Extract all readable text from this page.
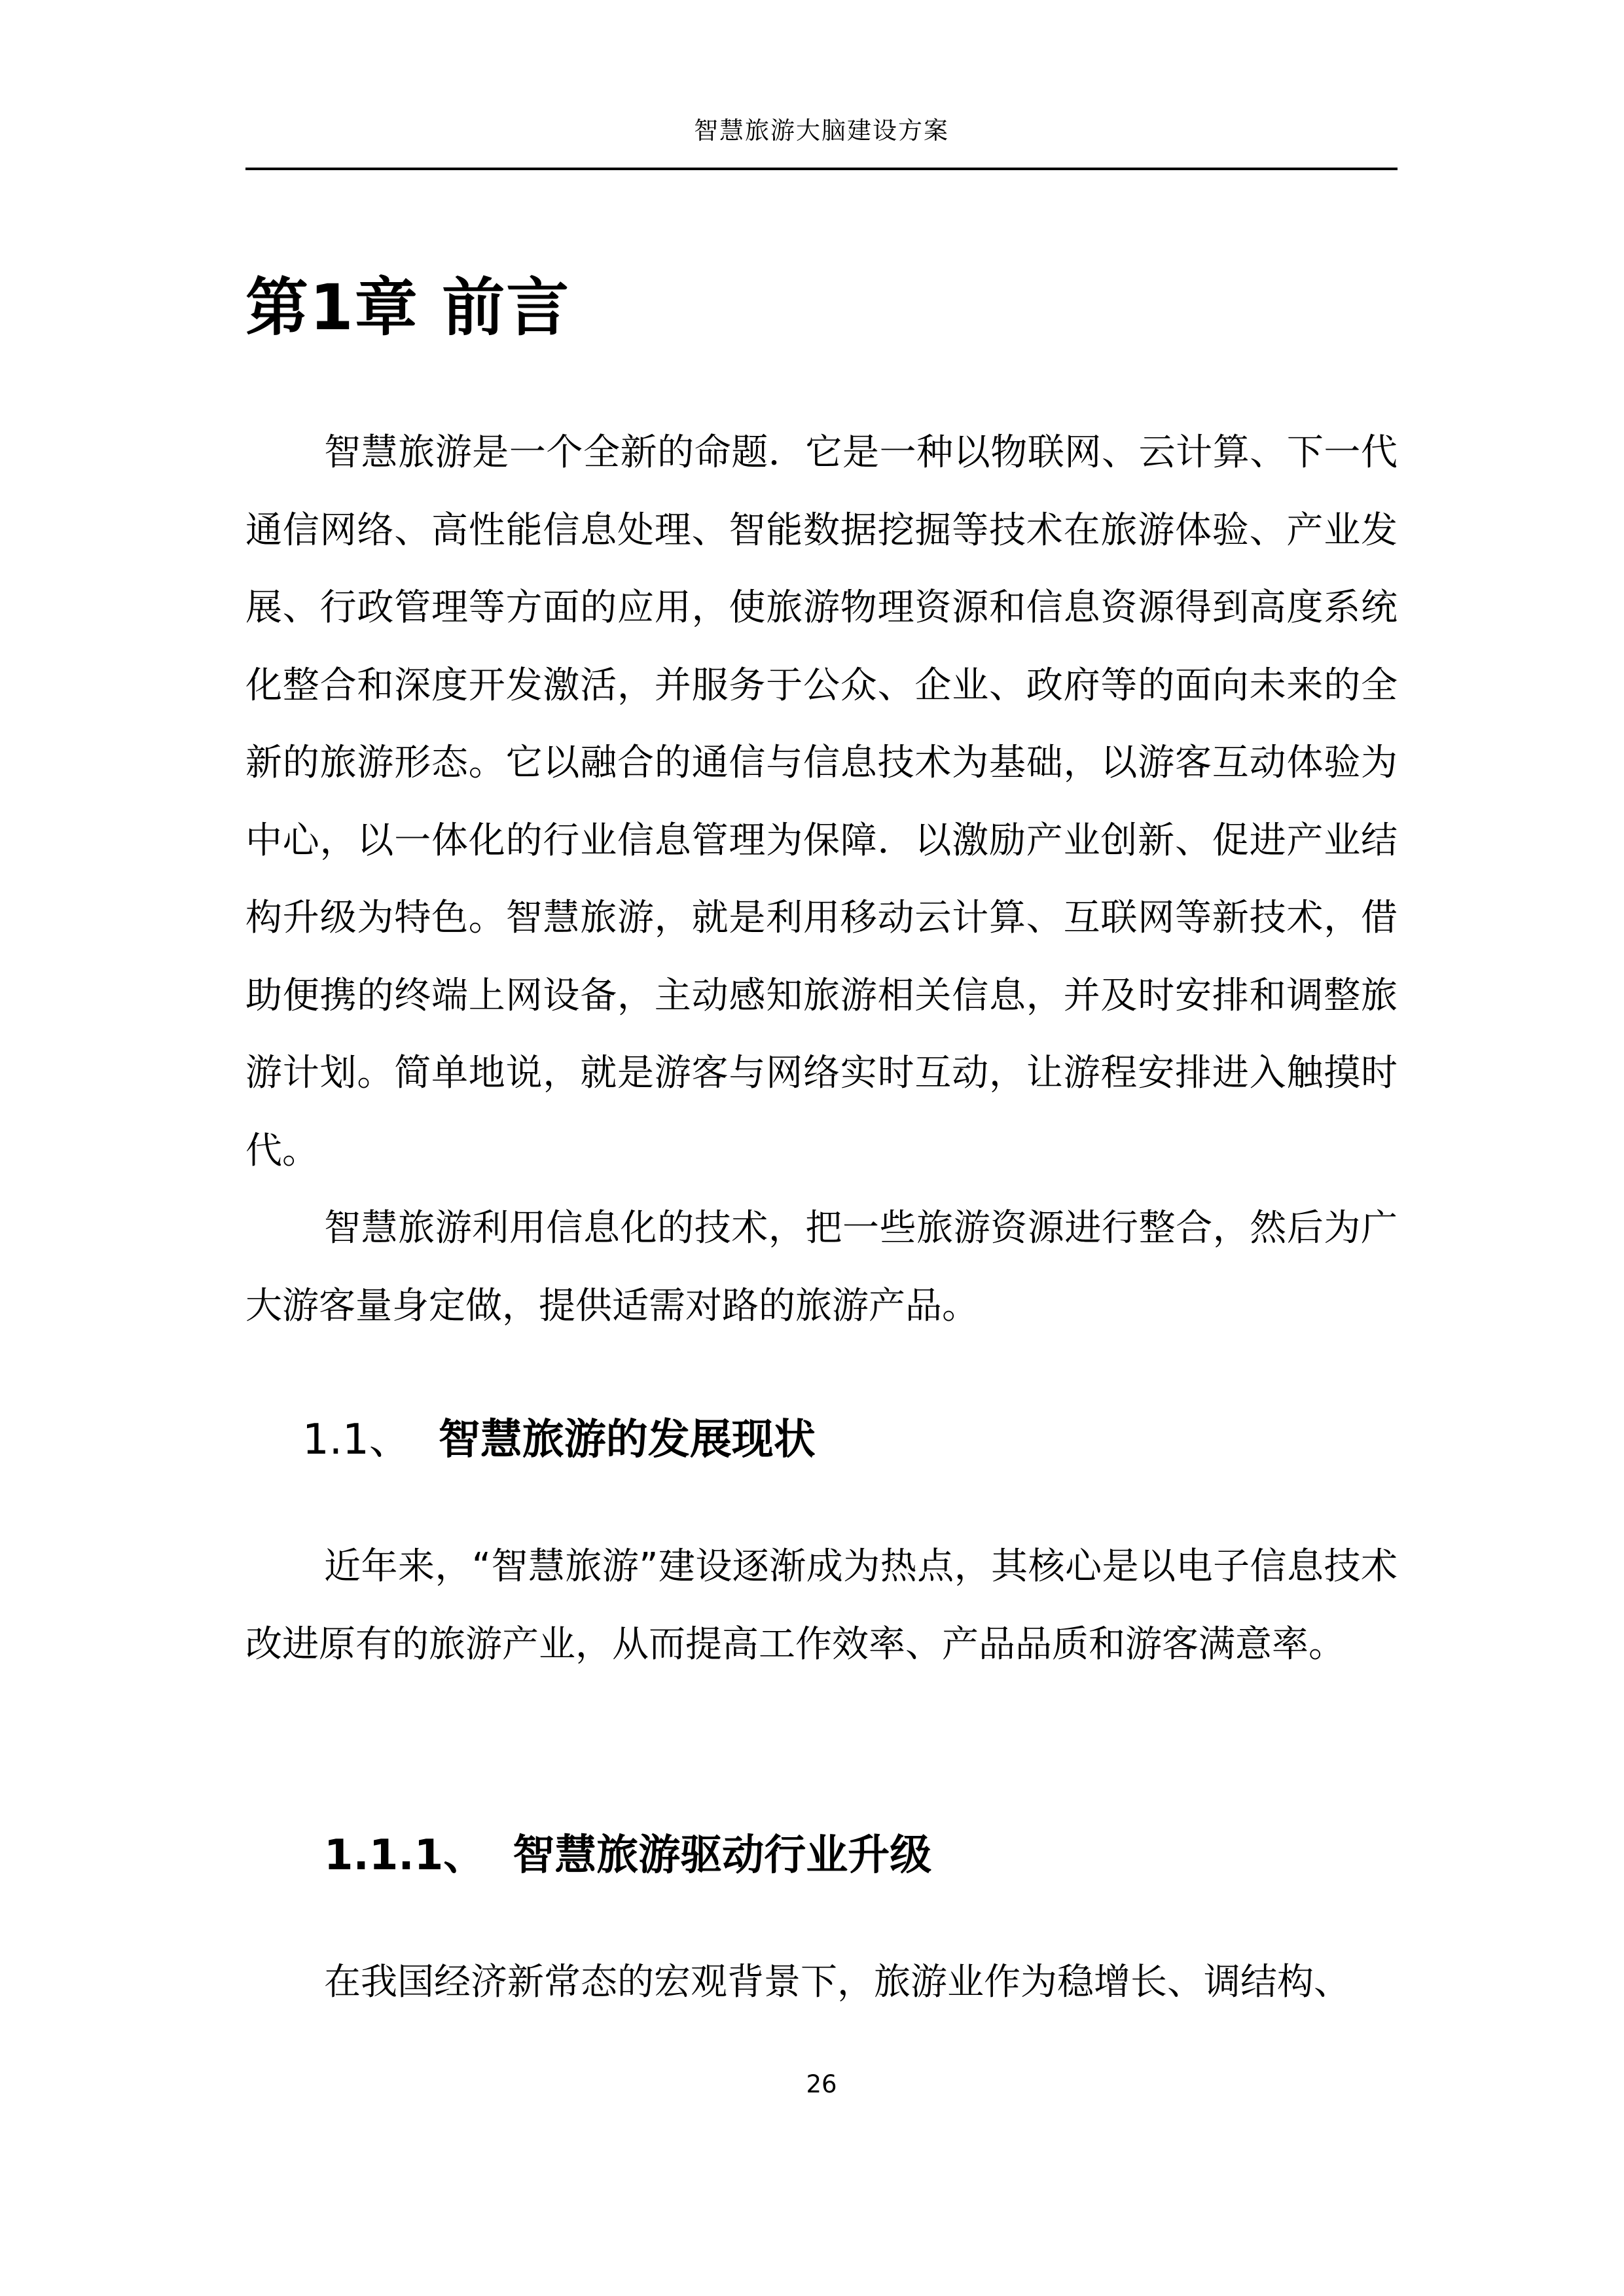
智慧旅游大脑建设方案
第1章 前言

智慧旅游是一个全新的命题．它是一种以物联网、云计算、下一代通信网络、高性能信息处理、智能数据挖掘等技术在旅游体验、产业发展、行政管理等方面的应用，使旅游物理资源和信息资源得到高度系统化整合和深度开发激活，并服务于公众、企业、政府等的面向未来的全新的旅游形态。它以融合的通信与信息技术为基础，以游客互动体验为中心，以一体化的行业信息管理为保障．以激励产业创新、促进产业结构升级为特色。智慧旅游，就是利用移动云计算、互联网等新技术，借助便携的终端上网设备，主动感知旅游相关信息，并及时安排和调整旅游计划。简单地说，就是游客与网络实时互动，让游程安排进入触摸时代。

智慧旅游利用信息化的技术，把一些旅游资源进行整合，然后为广大游客量身定做，提供适需对路的旅游产品。

1.1、 智慧旅游的发展现状

近年来，“智慧旅游”建设逐渐成为热点，其核心是以电子信息技术改进原有的旅游产业，从而提高工作效率、产品品质和游客满意率。

1.1.1、 智慧旅游驱动行业升级

在我国经济新常态的宏观背景下，旅游业作为稳增长、调结构、

26
